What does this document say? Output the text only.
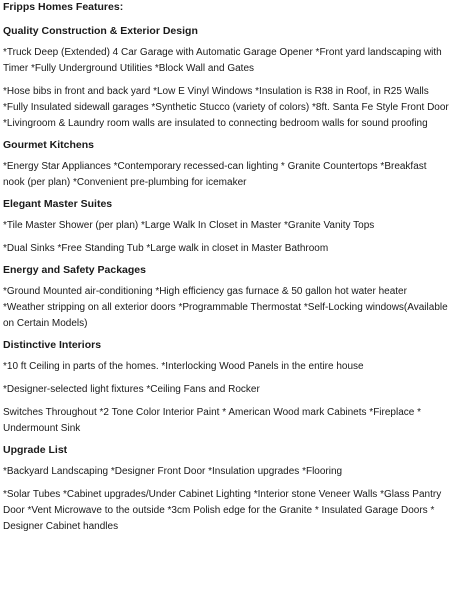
Fripps Homes Features:
Quality Construction & Exterior Design
*Truck Deep (Extended) 4 Car Garage with Automatic Garage Opener *Front yard landscaping with Timer *Fully Underground Utilities *Block Wall and Gates
*Hose bibs in front and back yard *Low E Vinyl Windows *Insulation is R38 in Roof, in R25 Walls *Fully Insulated sidewall garages *Synthetic Stucco (variety of colors) *8ft. Santa Fe Style Front Door *Livingroom & Laundry room walls are insulated to connecting bedroom walls for sound proofing
Gourmet Kitchens
*Energy Star Appliances *Contemporary recessed-can lighting * Granite Countertops *Breakfast nook (per plan) *Convenient pre-plumbing for icemaker
Elegant Master Suites
*Tile Master Shower (per plan) *Large Walk In Closet in Master *Granite Vanity Tops
*Dual Sinks *Free Standing Tub *Large walk in closet in Master Bathroom
Energy and Safety Packages
*Ground Mounted air-conditioning *High efficiency gas furnace & 50 gallon hot water heater *Weather stripping on all exterior doors *Programmable Thermostat *Self-Locking windows(Available on Certain Models)
Distinctive Interiors
*10 ft Ceiling in parts of the homes. *Interlocking Wood Panels in the entire house
*Designer-selected light fixtures *Ceiling Fans and Rocker
Switches Throughout *2 Tone Color Interior Paint * American Wood mark Cabinets *Fireplace * Undermount Sink
Upgrade List
*Backyard Landscaping *Designer Front Door *Insulation upgrades *Flooring
*Solar Tubes *Cabinet upgrades/Under Cabinet Lighting *Interior stone Veneer Walls *Glass Pantry Door *Vent Microwave to the outside *3cm Polish edge for the Granite * Insulated Garage Doors * Designer Cabinet handles
